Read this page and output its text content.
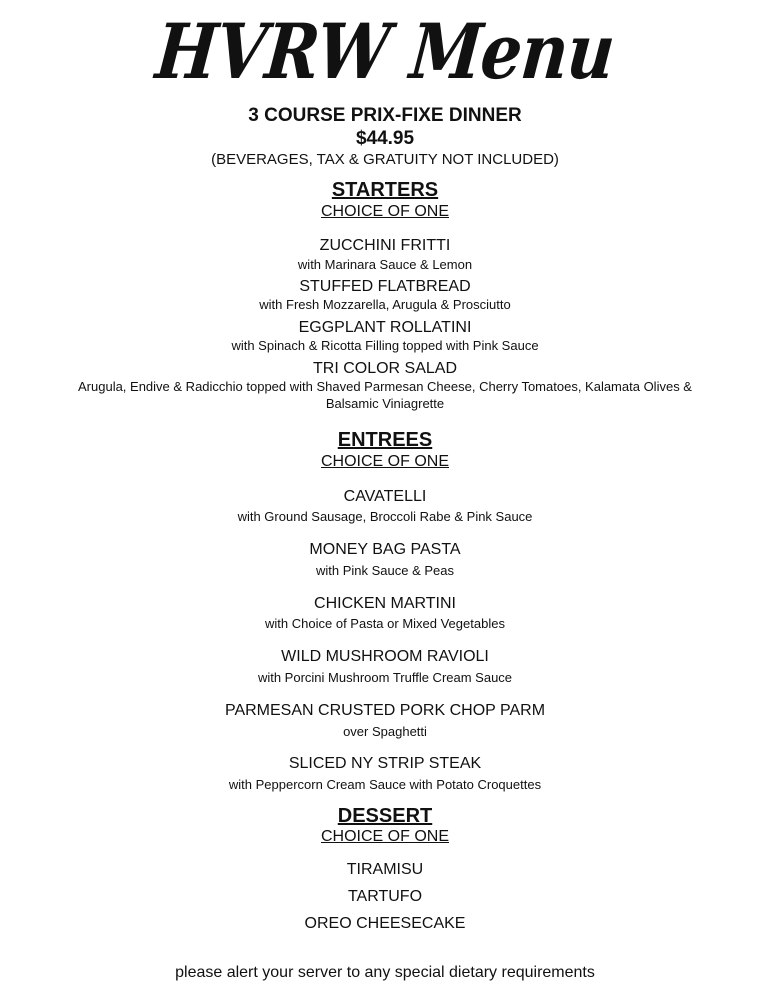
HVRW Menu
3 COURSE PRIX-FIXE DINNER
$44.95
(BEVERAGES, TAX & GRATUITY NOT INCLUDED)
STARTERS
CHOICE OF ONE
ZUCCHINI FRITTI
with Marinara Sauce & Lemon
STUFFED FLATBREAD
with Fresh Mozzarella, Arugula & Prosciutto
EGGPLANT ROLLATINI
with Spinach & Ricotta Filling topped with Pink Sauce
TRI COLOR SALAD
Arugula, Endive & Radicchio topped with Shaved Parmesan Cheese, Cherry Tomatoes, Kalamata Olives &
Balsamic Viniagrette
ENTREES
CHOICE OF ONE
CAVATELLI
with Ground Sausage, Broccoli Rabe & Pink Sauce
MONEY BAG PASTA
with Pink Sauce & Peas
CHICKEN MARTINI
with Choice of Pasta or Mixed Vegetables
WILD MUSHROOM RAVIOLI
with Porcini Mushroom Truffle Cream Sauce
PARMESAN CRUSTED PORK CHOP PARM
over Spaghetti
SLICED NY STRIP STEAK
with Peppercorn Cream Sauce with Potato Croquettes
DESSERT
CHOICE OF ONE
TIRAMISU
TARTUFO
OREO CHEESECAKE
please alert your server to any special dietary requirements
